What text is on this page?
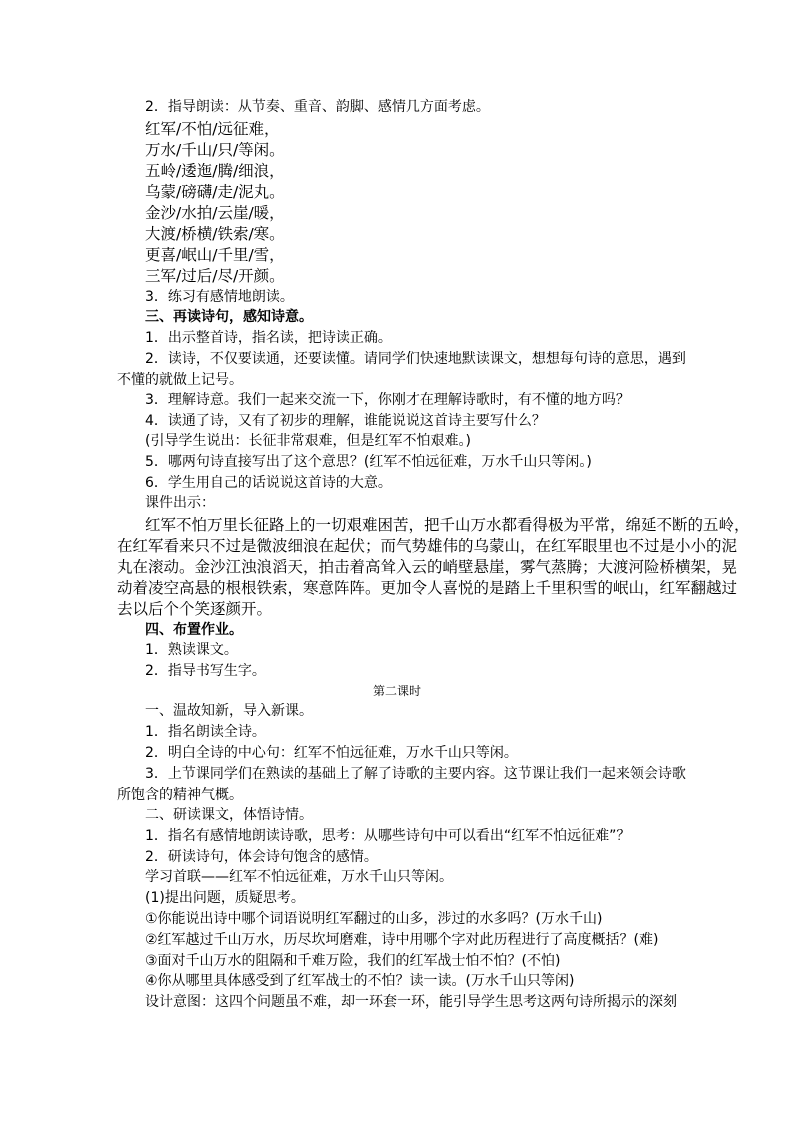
2．指导朗读：从节奏、重音、韵脚、感情几方面考虑。
红军/不怕/远征难，
万水/千山/只/等闲。
五岭/逶迤/腾/细浪，
乌蒙/磅礴/走/泥丸。
金沙/水拍/云崖/暖，
大渡/桥横/铁索/寒。
更喜/岷山/千里/雪，
三军/过后/尽/开颜。
3．练习有感情地朗读。
三、再读诗句，感知诗意。
1．出示整首诗，指名读，把诗读正确。
2．读诗，不仅要读通，还要读懂。请同学们快速地默读课文，想想每句诗的意思，遇到
不懂的就做上记号。
3．理解诗意。我们一起来交流一下，你刚才在理解诗歌时，有不懂的地方吗？
4．读通了诗，又有了初步的理解，谁能说说这首诗主要写什么？
(引导学生说出：长征非常艰难，但是红军不怕艰难。)
5．哪两句诗直接写出了这个意思？(红军不怕远征难，万水千山只等闲。)
6．学生用自己的话说说这首诗的大意。
课件出示：
红军不怕万里长征路上的一切艰难困苦，把千山万水都看得极为平常，绵延不断的五岭，
在红军看来只不过是微波细浪在起伏；而气势雄伟的乌蒙山，在红军眼里也不过是小小的泥
丸在滚动。金沙江浊浪滔天，拍击着高耸入云的峭壁悬崖，雾气蒸腾；大渡河险桥横架，晃
动着凌空高悬的根根铁索，寒意阵阵。更加令人喜悦的是踏上千里积雪的岷山，红军翻越过
去以后个个笑逐颜开。
四、布置作业。
1．熟读课文。
2．指导书写生字。
第二课时
一、温故知新，导入新课。
1．指名朗读全诗。
2．明白全诗的中心句：红军不怕远征难，万水千山只等闲。
3．上节课同学们在熟读的基础上了解了诗歌的主要内容。这节课让我们一起来领会诗歌
所饱含的精神气概。
二、研读课文，体悟诗情。
1．指名有感情地朗读诗歌，思考：从哪些诗句中可以看出“红军不怕远征难”？
2．研读诗句，体会诗句饱含的感情。
学习首联——红军不怕远征难，万水千山只等闲。
(1)提出问题，质疑思考。
①你能说出诗中哪个词语说明红军翻过的山多，涉过的水多吗？(万水千山)
②红军越过千山万水，历尽坎坷磨难，诗中用哪个字对此历程进行了高度概括？(难)
③面对千山万水的阻隔和千难万险，我们的红军战士怕不怕？(不怕)
④你从哪里具体感受到了红军战士的不怕？读一读。(万水千山只等闲)
设计意图：这四个问题虽不难，却一环套一环，能引导学生思考这两句诗所揭示的深刻
